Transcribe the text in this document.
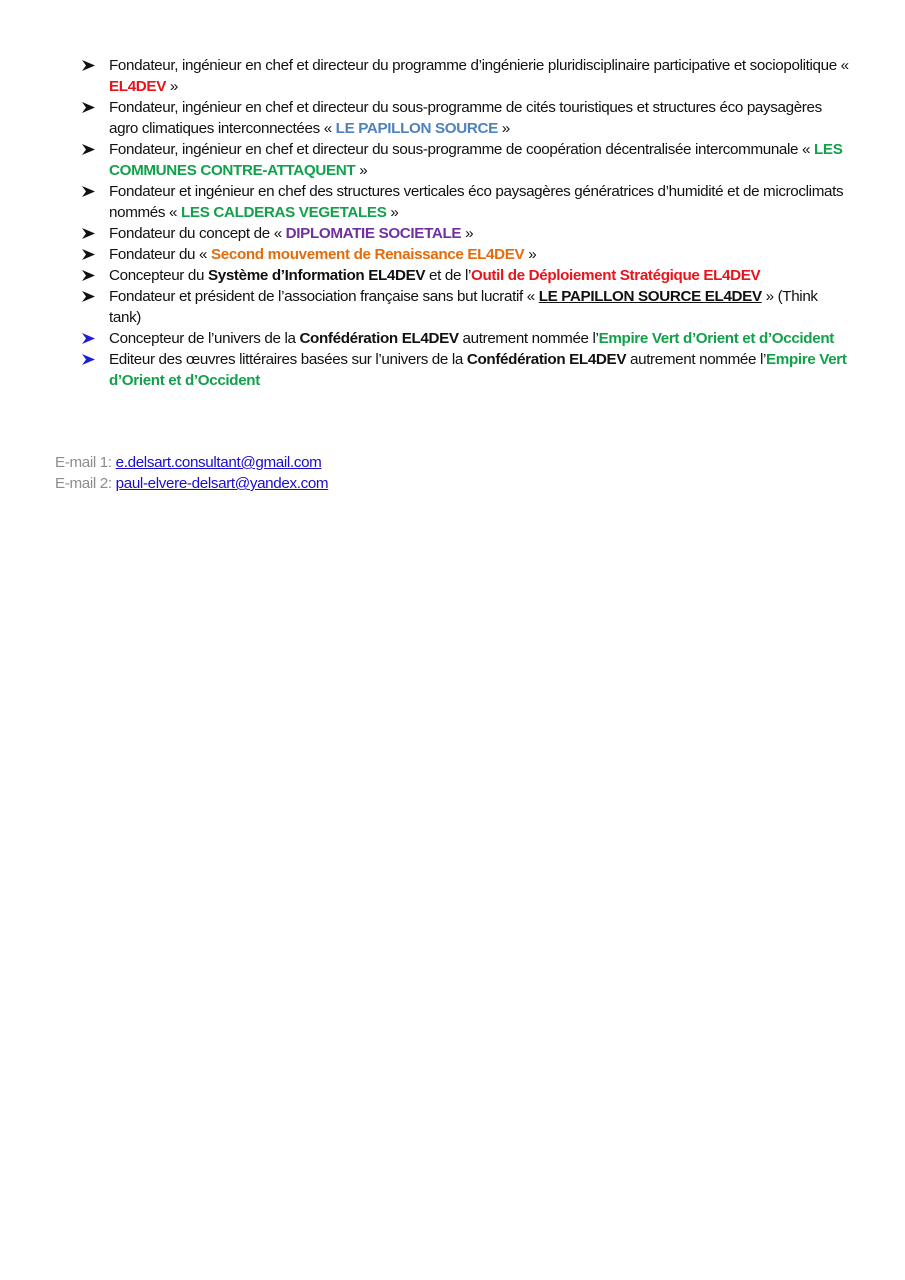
Fondateur, ingénieur en chef et directeur du programme d’ingénierie pluridisciplinaire participative et sociopolitique « EL4DEV »
Fondateur, ingénieur en chef et directeur du sous-programme de cités touristiques et structures éco paysagères agro climatiques interconnectées « LE PAPILLON SOURCE »
Fondateur, ingénieur en chef et directeur du sous-programme de coopération décentralisée intercommunale « LES COMMUNES CONTRE-ATTAQUENT »
Fondateur et ingénieur en chef des structures verticales éco paysagères génératrices d’humidité et de microclimats nommés « LES CALDERAS VEGETALES »
Fondateur du concept de « DIPLOMATIE SOCIETALE »
Fondateur du « Second mouvement de Renaissance EL4DEV »
Concepteur du Système d’Information EL4DEV et de l’Outil de Déploiement Stratégique EL4DEV
Fondateur et président de l’association française sans but lucratif « LE PAPILLON SOURCE EL4DEV » (Think tank)
Concepteur de l’univers de la Confédération EL4DEV autrement nommée l’Empire Vert d’Orient et d’Occident
Editeur des œuvres littéraires basées sur l’univers de la Confédération EL4DEV autrement nommée l’Empire Vert d’Orient et d’Occident
E-mail 1: e.delsart.consultant@gmail.com
E-mail 2: paul-elvere-delsart@yandex.com
